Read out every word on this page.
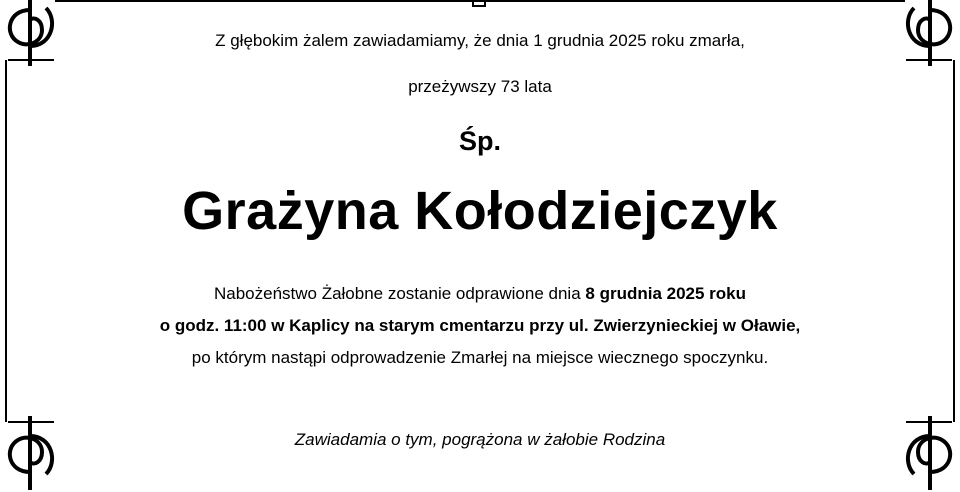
Z głębokim żalem zawiadamiamy, że dnia 1 grudnia 2025 roku zmarła,
przeżywszy 73 lata
Śp.
Grażyna Kołodziejczyk
Nabożeństwo Żałobne zostanie odprawione dnia 8 grudnia 2025 roku
o godz. 11:00 w Kaplicy na starym cmentarzu przy ul. Zwierzynieckiej w Oławie,
po którym nastąpi odprowadzenie Zmarłej na miejsce wiecznego spoczynku.
Zawiadamia o tym, pogrążona w żałobie Rodzina
